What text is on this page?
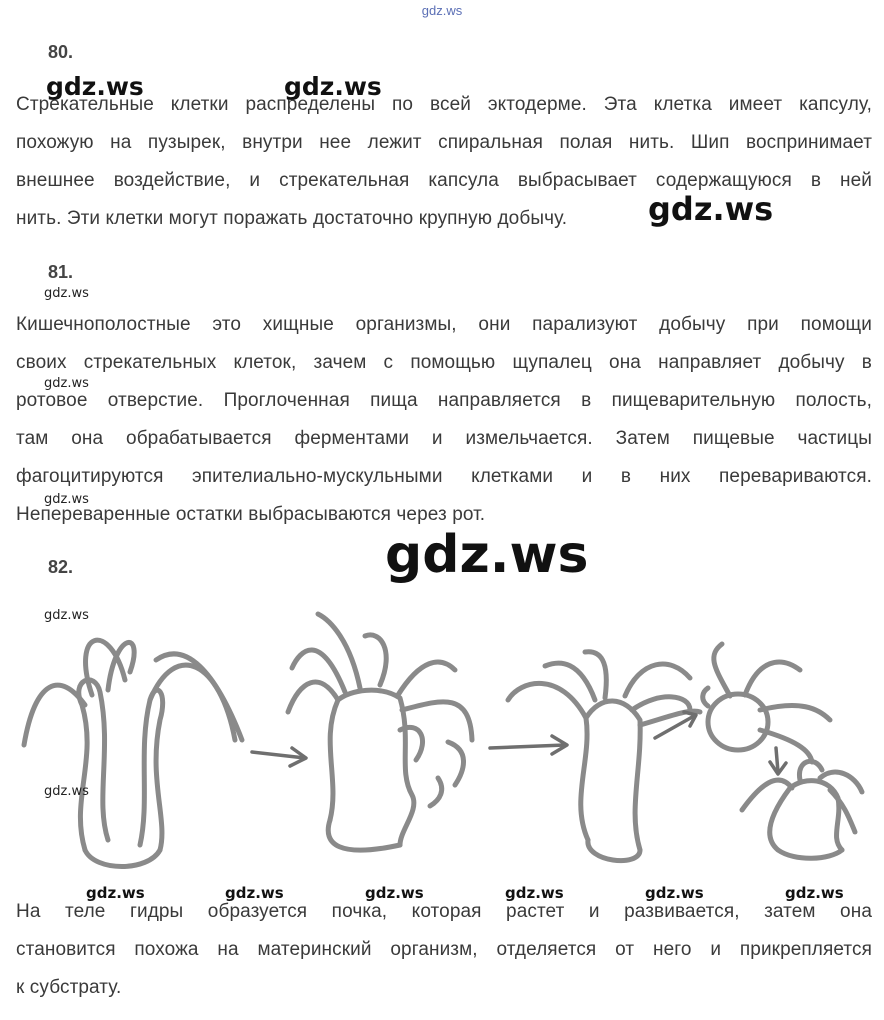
gdz.ws
80.
gdz.ws	gdz.ws
Стрекательные клетки распределены по всей эктодерме. Эта клетка имеет капсулу,
похожую на пузырек, внутри нее лежит спиральная полая нить. Шип воспринимает
внешнее воздействие, и стрекательная капсула выбрасывает содержащуюся в ней
нить. Эти клетки могут поражать достаточно крупную добычу.	gdz.ws
81.
gdz.ws
Кишечнополостные это хищные организмы, они парализуют добычу при помощи
своих стрекательных клеток, зачем с помощью щупалец она направляет добычу в
ротовое отверстие. Проглоченная пища направляется в пищеварительную полость,
там она обрабатывается ферментами и измельчается. Затем пищевые частицы
фагоцитируются эпителиально-мускульными клетками и в них перевариваются.
Непереваренные остатки выбрасываются через рот.
gdz.ws
gdz.ws
82.	gdz.ws
gdz.ws
gdz.ws
gdz.ws	gdz.ws	gdz.ws	gdz.ws	gdz.ws	gdz.ws
На теле гидры образуется почка, которая растет и развивается, затем она
становится похожа на материнский организм, отделяется от него и прикрепляется
к субстрату.
